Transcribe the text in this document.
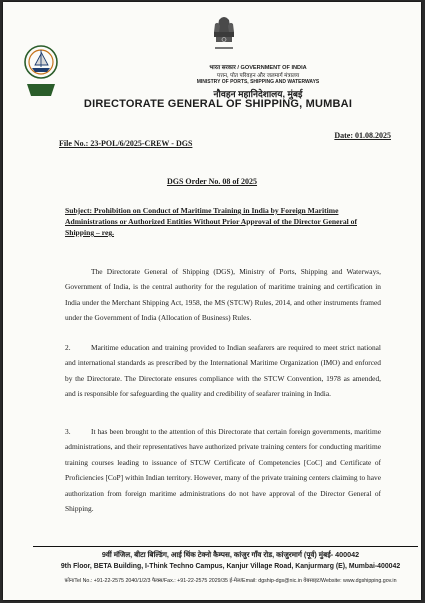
भारत सरकार / GOVERNMENT OF INDIA
पत्तन, पोत परिवहन और जलमार्ग मंत्रालय
MINISTRY OF PORTS, SHIPPING AND WATERWAYS
नौवहन महानिदेशालय, मुंबई
DIRECTORATE GENERAL OF SHIPPING, MUMBAI
File No.: 23-POL/6/2025-CREW - DGS
Date: 01.08.2025
DGS Order No. 08 of 2025
Subject: Prohibition on Conduct of Maritime Training in India by Foreign Maritime Administrations or Authorized Entities Without Prior Approval of the Director General of Shipping – reg.

The Directorate General of Shipping (DGS), Ministry of Ports, Shipping and Waterways, Government of India, is the central authority for the regulation of maritime training and certification in India under the Merchant Shipping Act, 1958, the MS (STCW) Rules, 2014, and other instruments framed under the Government of India (Allocation of Business) Rules.

2.	Maritime education and training provided to Indian seafarers are required to meet strict national and international standards as prescribed by the International Maritime Organization (IMO) and enforced by the Directorate. The Directorate ensures compliance with the STCW Convention, 1978 as amended, and is responsible for safeguarding the quality and credibility of seafarer training in India.

3.	It has been brought to the attention of this Directorate that certain foreign governments, maritime administrations, and their representatives have authorized private training centers for conducting maritime training courses leading to issuance of STCW Certificate of Competencies [CoC] and Certificate of Proficiencies [CoP] within Indian territory. However, many of the private training centers claiming to have authorization from foreign maritime administrations do not have approval of the Director General of Shipping.

9वीं मंजिल, बीटा बिल्डिंग, आई थिंक टेक्नो कैम्पस, कांजुर गाँव रोड, कांजुरमार्ग (पूर्व) मुंबई- 400042
9th Floor, BETA Building, I-Think Techno Campus, Kanjur Village Road, Kanjurmarg (E), Mumbai-400042
फ़ोन/Tel No.: +91-22-2575 2040/1/2/3 फैक्स/Fax.: +91-22-2575 2029/35 ई-मेल/Email: dgship-dgs@nic.in वेबसाइट/Website: www.dgshipping.gov.in
